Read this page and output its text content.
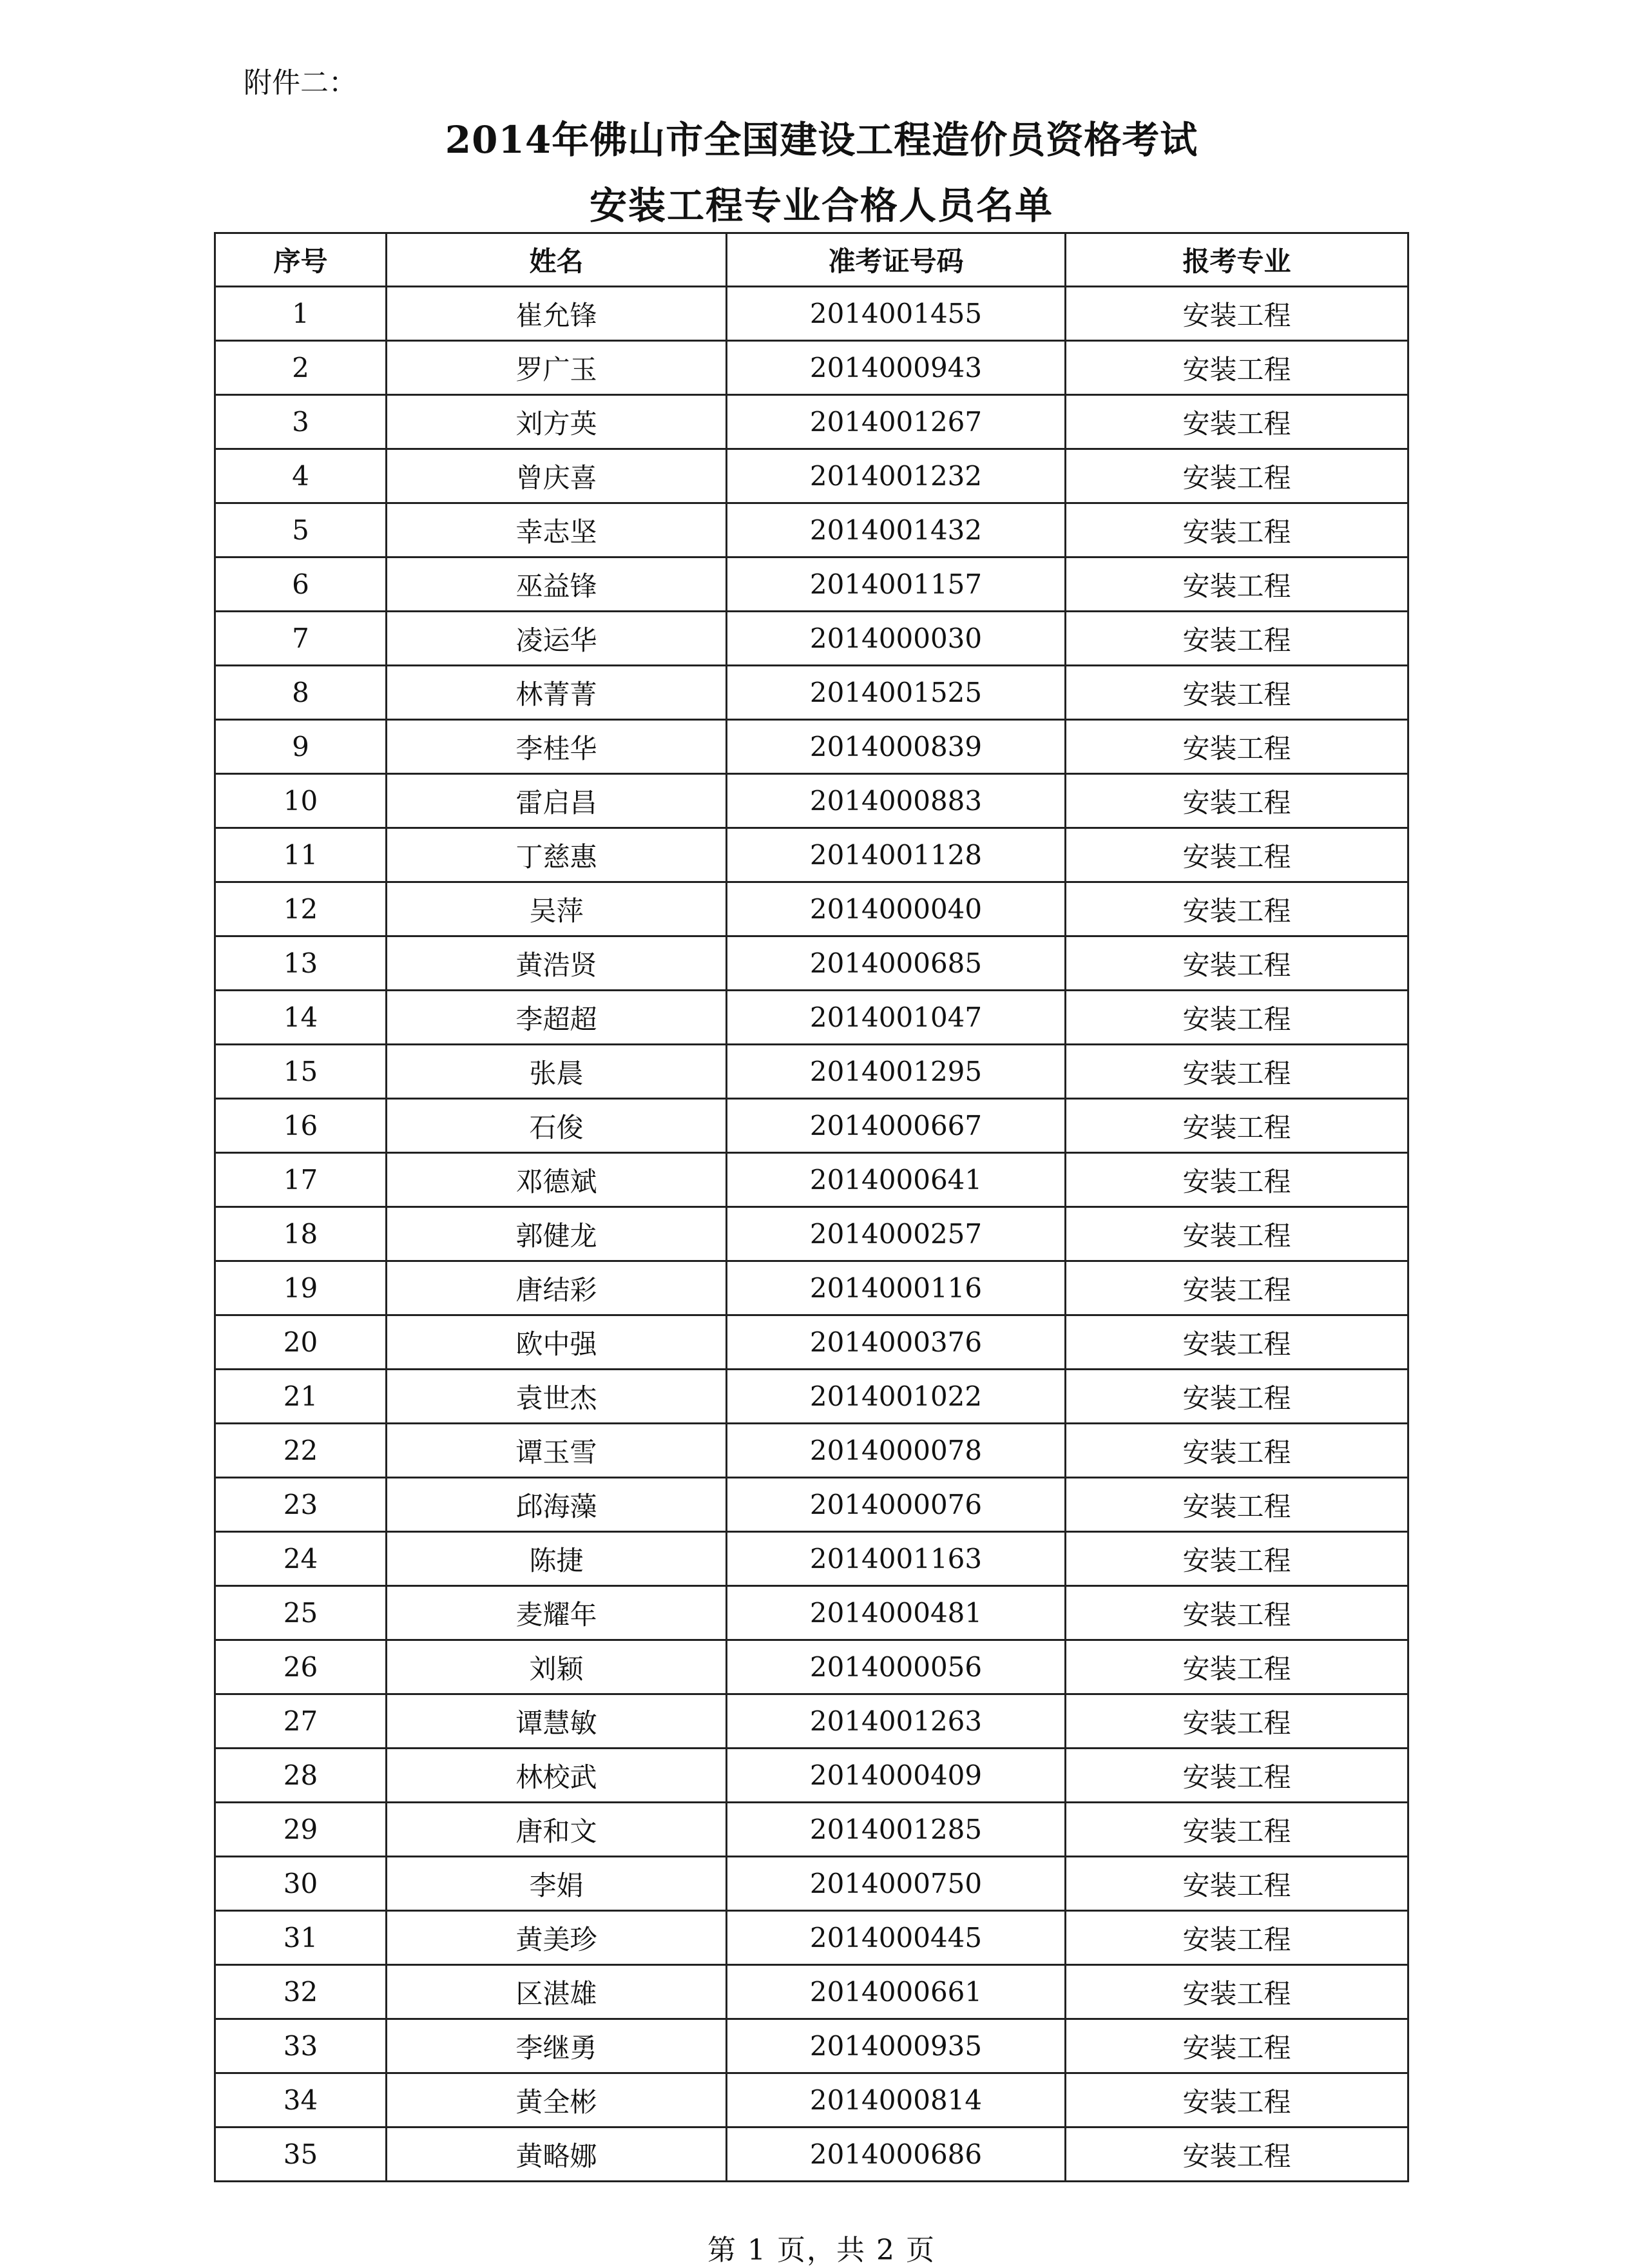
附件二：
2014年佛山市全国建设工程造价员资格考试
安装工程专业合格人员名单
序号	姓名	准考证号码	报考专业
1	崔允锋	2014001455	安装工程
2	罗广玉	2014000943	安装工程
3	刘方英	2014001267	安装工程
4	曾庆喜	2014001232	安装工程
5	幸志坚	2014001432	安装工程
6	巫益锋	2014001157	安装工程
7	凌运华	2014000030	安装工程
8	林菁菁	2014001525	安装工程
9	李桂华	2014000839	安装工程
10	雷启昌	2014000883	安装工程
11	丁慈惠	2014001128	安装工程
12	吴萍	2014000040	安装工程
13	黄浩贤	2014000685	安装工程
14	李超超	2014001047	安装工程
15	张晨	2014001295	安装工程
16	石俊	2014000667	安装工程
17	邓德斌	2014000641	安装工程
18	郭健龙	2014000257	安装工程
19	唐结彩	2014000116	安装工程
20	欧中强	2014000376	安装工程
21	袁世杰	2014001022	安装工程
22	谭玉雪	2014000078	安装工程
23	邱海藻	2014000076	安装工程
24	陈捷	2014001163	安装工程
25	麦耀年	2014000481	安装工程
26	刘颖	2014000056	安装工程
27	谭慧敏	2014001263	安装工程
28	林校武	2014000409	安装工程
29	唐和文	2014001285	安装工程
30	李娟	2014000750	安装工程
31	黄美珍	2014000445	安装工程
32	区湛雄	2014000661	安装工程
33	李继勇	2014000935	安装工程
34	黄全彬	2014000814	安装工程
35	黄略娜	2014000686	安装工程
第 1 页，共 2 页
